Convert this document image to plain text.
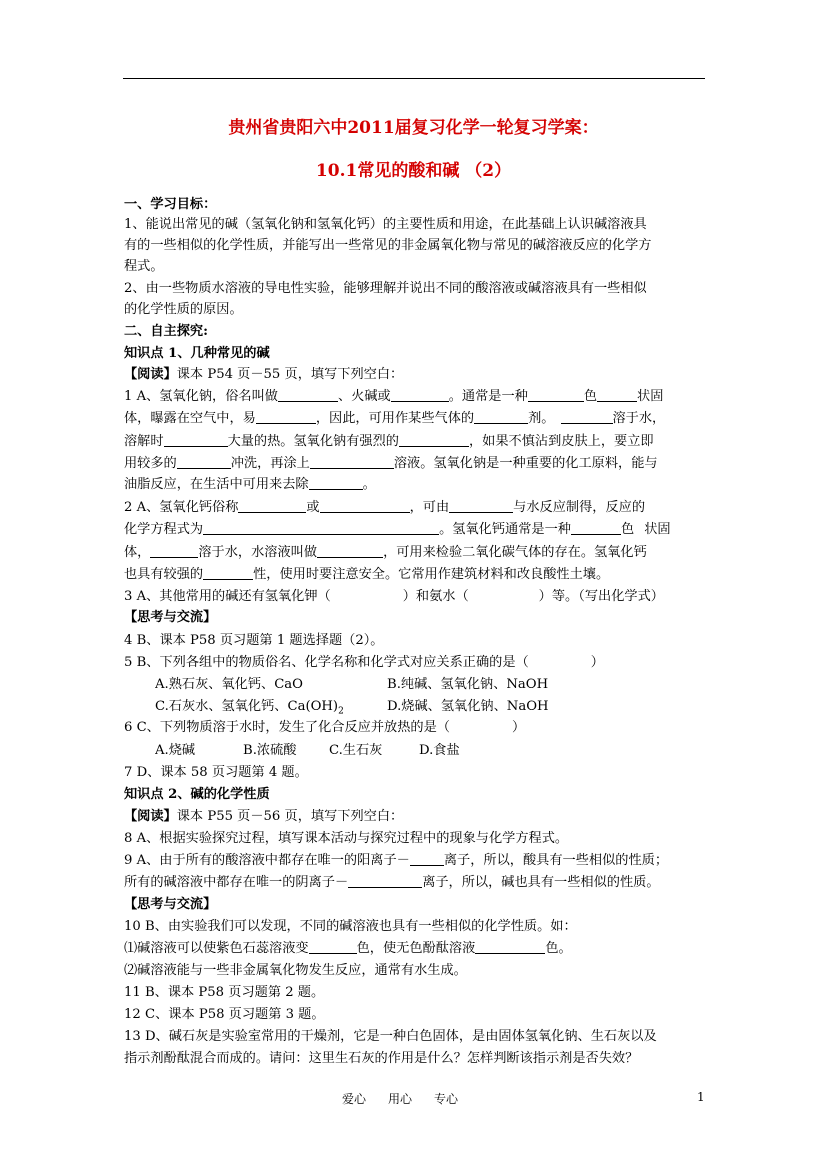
贵州省贵阳六中2011届复习化学一轮复习学案：
10.1常见的酸和碱 （2）
一、学习目标：
1、能说出常见的碱（氢氧化钠和氢氧化钙）的主要性质和用途，在此基础上认识碱溶液具
有的一些相似的化学性质，并能写出一些常见的非金属氧化物与常见的碱溶液反应的化学方
程式。
2、由一些物质水溶液的导电性实验，能够理解并说出不同的酸溶液或碱溶液具有一些相似
的化学性质的原因。
二、自主探究:
知识点 1、几种常见的碱
【阅读】课本 P54 页－55 页，填写下列空白：
1 A、氢氧化钠，俗名叫做	、火碱或	。通常是一种	色	状固
体，曝露在空气中，易	，因此，可用作某些气体的	剂。	溶于水，
溶解时	大量的热。氢氧化钠有强烈的	，如果不慎沾到皮肤上，要立即
用较多的	冲洗，再涂上	溶液。氢氧化钠是一种重要的化工原料，能与
油脂反应，在生活中可用来去除	。
2 A、氢氧化钙俗称	或	，可由	与水反应制得，反应的
化学方程式为	。氢氧化钙通常是一种	色 状固
体，	溶于水，水溶液叫做	，可用来检验二氧化碳气体的存在。氢氧化钙
也具有较强的	性，使用时要注意安全。它常用作建筑材料和改良酸性土壤。
3 A、其他常用的碱还有氢氧化钾（	）和氨水（	）等。（写出化学式）
【思考与交流】
4 B、课本 P58 页习题第 1 题选择题（2）。
5 B、下列各组中的物质俗名、化学名称和化学式对应关系正确的是（	）
A.熟石灰、氧化钙、CaO	B.纯碱、氢氧化钠、NaOH
C.石灰水、氢氧化钙、$Ca(OH)_2$	D.烧碱、氢氧化钠、NaOH
6 C、下列物质溶于水时，发生了化合反应并放热的是（	）
A.烧碱	B.浓硫酸 C.生石灰	D.食盐
7 D、课本 58 页习题第 4 题。
知识点 2、碱的化学性质
【阅读】课本 P55 页－56 页，填写下列空白：
8 A、根据实验探究过程，填写课本活动与探究过程中的现象与化学方程式。
9 A、由于所有的酸溶液中都存在唯一的阳离子－	离子，所以，酸具有一些相似的性质；
所有的碱溶液中都存在唯一的阴离子－	离子，所以，碱也具有一些相似的性质。
【思考与交流】
10 B、由实验我们可以发现，不同的碱溶液也具有一些相似的化学性质。如：
⑴碱溶液可以使紫色石蕊溶液变	色，使无色酚酞溶液	色。
⑵碱溶液能与一些非金属氧化物发生反应，通常有水生成。
11 B、课本 P58 页习题第 2 题。
12 C、课本 P58 页习题第 3 题。
13 D、碱石灰是实验室常用的干燥剂，它是一种白色固体，是由固体氢氧化钠、生石灰以及
指示剂酚酞混合而成的。请问：这里生石灰的作用是什么？怎样判断该指示剂是否失效？
爱心 用心 专心	1
